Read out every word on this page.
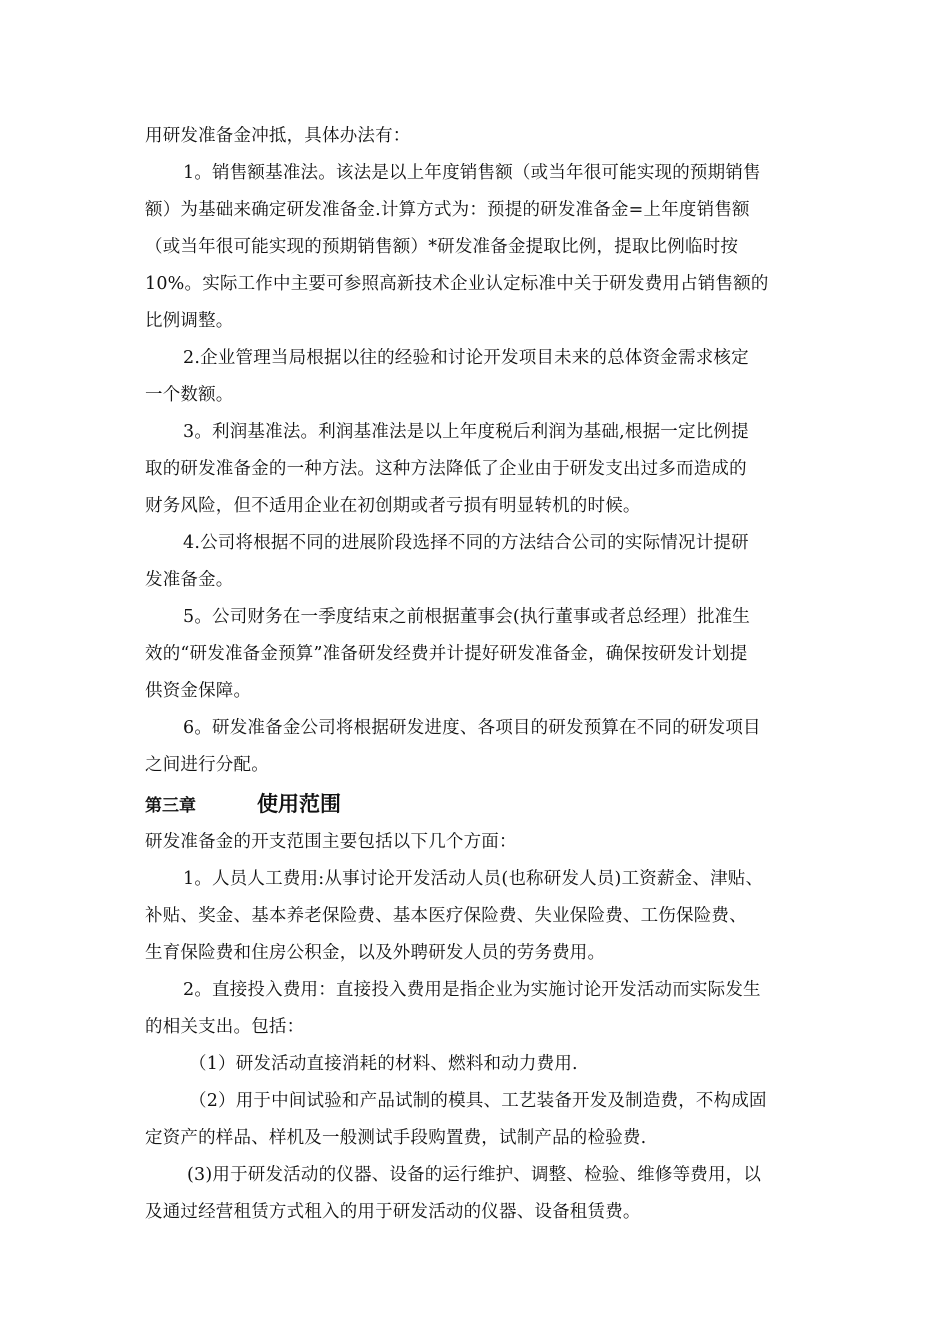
用研发准备金冲抵，具体办法有：
1。销售额基准法。该法是以上年度销售额（或当年很可能实现的预期销售
额）为基础来确定研发准备金.计算方式为：预提的研发准备金=上年度销售额
（或当年很可能实现的预期销售额）*研发准备金提取比例，提取比例临时按
10%。实际工作中主要可参照高新技术企业认定标准中关于研发费用占销售额的
比例调整。
2.企业管理当局根据以往的经验和讨论开发项目未来的总体资金需求核定
一个数额。
3。利润基准法。利润基准法是以上年度税后利润为基础,根据一定比例提
取的研发准备金的一种方法。这种方法降低了企业由于研发支出过多而造成的
财务风险，但不适用企业在初创期或者亏损有明显转机的时候。
4.公司将根据不同的进展阶段选择不同的方法结合公司的实际情况计提研
发准备金。
5。公司财务在一季度结束之前根据董事会(执行董事或者总经理）批准生
效的“研发准备金预算”准备研发经费并计提好研发准备金，确保按研发计划提
供资金保障。
6。研发准备金公司将根据研发进度、各项目的研发预算在不同的研发项目
之间进行分配。
第三章	使用范围
研发准备金的开支范围主要包括以下几个方面：
1。人员人工费用:从事讨论开发活动人员(也称研发人员)工资薪金、津贴、
补贴、奖金、基本养老保险费、基本医疗保险费、失业保险费、工伤保险费、
生育保险费和住房公积金，以及外聘研发人员的劳务费用。
2。直接投入费用：直接投入费用是指企业为实施讨论开发活动而实际发生
的相关支出。包括：
（1）研发活动直接消耗的材料、燃料和动力费用.
（2）用于中间试验和产品试制的模具、工艺装备开发及制造费，不构成固
定资产的样品、样机及一般测试手段购置费，试制产品的检验费.
(3)用于研发活动的仪器、设备的运行维护、调整、检验、维修等费用，以
及通过经营租赁方式租入的用于研发活动的仪器、设备租赁费。
